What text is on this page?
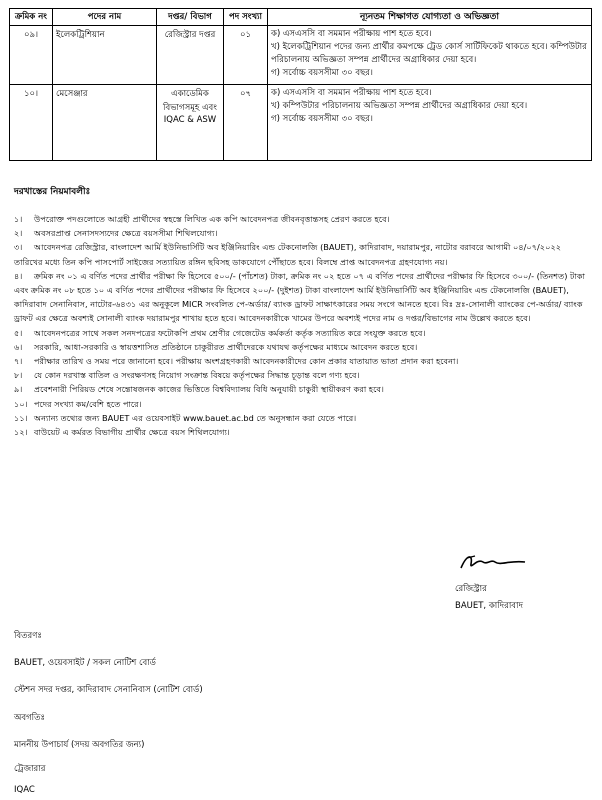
ক্রমিক নং	পদের নাম	দপ্তর/ বিভাগ	পদ সংখ্যা	ন্যূনতম শিক্ষাগত যোগ্যতা ও অভিজ্ঞতা
০৯।	ইলেকট্রিশিয়ান	রেজিস্ট্রার দপ্তর	০১	ক) এসএসসি বা সমমান পরীক্ষায় পাশ হতে হবে।
খ) ইলেকট্রিশিয়ান পদের জন্য প্রার্থীর কমপক্ষে ট্রেড কোর্স সার্টিফিকেট থাকতে হবে। কম্পিউটার পরিচালনায় অভিজ্ঞতা সম্পন্ন প্রার্থীদের অগ্রাধিকার দেয়া হবে।
গ) সর্বোচ্চ বয়সসীমা ৩০ বছর।

১০।	মেসেঞ্জার	একাডেমিক বিভাগসমূহ এবং IQAC & ASW	০৭	ক) এসএসসি বা সমমান পরীক্ষায় পাশ হতে হবে।
খ) কম্পিউটার পরিচালনায় অভিজ্ঞতা সম্পন্ন প্রার্থীদের অগ্রাধিকার দেয়া হবে।
গ) সর্বোচ্চ বয়সসীমা ৩০ বছর।
দরখাস্তের নিয়মাবলীঃ
১। উপরোক্ত পদগুলোতে আগ্রহী প্রার্থীদের স্বহস্তে লিখিত এক কপি আবেদনপত্র জীবনবৃত্তান্তসহ প্রেরণ করতে হবে।
২। অবসরপ্রাপ্ত সেনাসদস্যদের ক্ষেত্রে বয়সসীমা শিথিলযোগ্য।
৩। আবেদনপত্র রেজিস্ট্রার, বাংলাদেশ আর্মি ইউনিভার্সিটি অব ইঞ্জিনিয়ারিং এন্ড টেকনোলজি (BAUET), কাদিরাবাদ, দয়ারামপুর, নাটোর বরাবরে আগামী ০৪/০৭/২০২২ তারিখের মধ্যে তিন কপি পাসপোর্ট সাইজের সত্যায়িত রঙ্গিন ছবিসহ ডাকযোগে পৌঁছাতে হবে। বিলম্বে প্রাপ্ত আবেদনপত্র গ্রহণযোগ্য নয়।
৪। ক্রমিক নং ০১ এ বর্ণিত পদের প্রার্থীর পরীক্ষা ফি হিসেবে ৫০০/- (পাঁচশত) টাকা, ক্রমিক নং ০২ হতে ০৭ এ বর্ণিত পদের প্রার্থীদের পরীক্ষার ফি হিসেবে ৩০০/- (তিনশত) টাকা এবং ক্রমিক নং ০৮ হতে ১০ এ বর্ণিত পদের প্রার্থীদের পরীক্ষার ফি হিসেবে ২০০/- (দুইশত) টাকা বাংলাদেশ আর্মি ইউনিভার্সিটি অব ইঞ্জিনিয়ারিং এন্ড টেকনোলজি (BAUET), কাদিরাবাদ সেনানিবাস, নাটোর-৬৪৩১ এর অনুকূলে MICR সংবলিত পে-অর্ডার/ ব্যাংক ড্রাফট সাক্ষাৎকারের সময় সংগে আনতে হবে। বিঃ দ্রঃ-সোনালী ব্যাংকের পে-অর্ডার/ ব্যাংক ড্রাফট এর ক্ষেত্রে অবশ্যই সোনালী ব্যাংক দয়ারামপুর শাখায় হতে হবে। আবেদনকারীকে খামের উপরে অবশ্যই পদের নাম ও দপ্তর/বিভাগের নাম উল্লেখ করতে হবে।
৫। আবেদনপত্রের সাথে সকল সনদপত্রের ফটোকপি প্রথম শ্রেণীর গেজেটেড কর্মকর্তা কর্তৃক সত্যায়িত করে সংযুক্ত করতে হবে।
৬। সরকারি, আধা-সরকারি ও স্বায়ত্তশাসিত প্রতিষ্ঠানে চাকুরীরত প্রার্থীদেরকে যথাযথ কর্তৃপক্ষের মাধ্যমে আবেদন করতে হবে।
৭। পরীক্ষার তারিখ ও সময় পরে জানানো হবে। পরীক্ষায় অংশগ্রহণকারী আবেদনকারীদের কোন প্রকার যাতায়াত ভাতা প্রদান করা হবেনা।
৮। যে কোন দরখাস্ত বাতিল ও সংরক্ষণসহ নিয়োগ সংক্রান্ত বিষয়ে কর্তৃপক্ষের সিদ্ধান্ত চূড়ান্ত বলে গণ্য হবে।
৯। প্রবেশনারী পিরিয়ড শেষে সন্তোষজনক কাজের ভিত্তিতে বিশ্ববিদ্যালয় বিধি অনুযায়ী চাকুরী স্থায়ীকরণ করা হবে।
১০। পদের সংখ্যা কম/বেশি হতে পারে।
১১। অন্যান্য তথ্যের জন্য BAUET এর ওয়েবসাইট www.bauet.ac.bd তে অনুসন্ধান করা যেতে পারে।
১২। বাউয়েট এ কর্মরত বিভাগীয় প্রার্থীর ক্ষেত্রে বয়স শিথিলযোগ্য।
রেজিস্ট্রার
BAUET, কাদিরাবাদ
বিতরণঃ
BAUET, ওয়েবসাইট / সকল নোটিশ বোর্ড
স্টেশন সদর দপ্তর, কাদিরাবাদ সেনানিবাস (নোটিশ বোর্ড)
অবগতিঃ
মাননীয় উপাচার্য (সদয় অবগতির জন্য)
ট্রেজারার
IQAC
